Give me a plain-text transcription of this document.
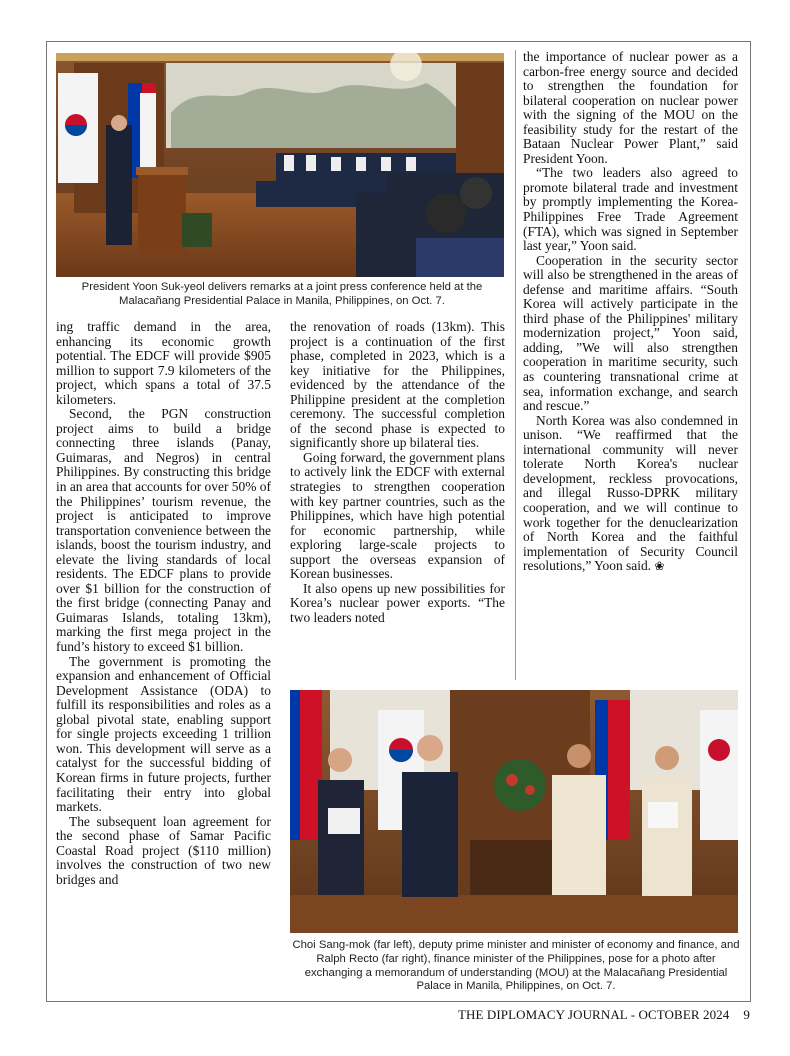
President Yoon Suk-yeol delivers remarks at a joint press conference held at the Malacañang Presidential Palace in Manila, Philippines, on Oct. 7.

ing traffic demand in the area, enhancing its economic growth potential. The EDCF will provide $905 million to support 7.9 kilometers of the project, which spans a total of 37.5 kilometers.

Second, the PGN construction project aims to build a bridge connecting three islands (Panay, Guimaras, and Negros) in central Philippines. By constructing this bridge in an area that accounts for over 50% of the Philippines’ tourism revenue, the project is anticipated to improve transportation convenience between the islands, boost the tourism industry, and elevate the living standards of local residents. The EDCF plans to provide over $1 billion for the construction of the first bridge (connecting Panay and Guimaras Islands, totaling 13km), marking the first mega project in the fund’s history to exceed $1 billion.

The government is promoting the expansion and enhancement of Official Development Assistance (ODA) to fulfill its responsibilities and roles as a global pivotal state, enabling support for single projects exceeding 1 trillion won. This development will serve as a catalyst for the successful bidding of Korean firms in future projects, further facilitating their entry into global markets.

The subsequent loan agreement for the second phase of Samar Pacific Coastal Road project ($110 million) involves the construction of two new bridges and

the renovation of roads (13km). This project is a continuation of the first phase, completed in 2023, which is a key initiative for the Philippines, evidenced by the attendance of the Philippine president at the completion ceremony. The successful completion of the second phase is expected to significantly shore up bilateral ties.

Going forward, the government plans to actively link the EDCF with external strategies to strengthen cooperation with key partner countries, such as the Philippines, which have high potential for economic partnership, while exploring large-scale projects to support the overseas expansion of Korean businesses.

It also opens up new possibilities for Korea’s nuclear power exports. “The two leaders noted

the importance of nuclear power as a carbon-free energy source and decided to strengthen the foundation for bilateral cooperation on nuclear power with the signing of the MOU on the feasibility study for the restart of the Bataan Nuclear Power Plant,” said President Yoon.

“The two leaders also agreed to promote bilateral trade and investment by promptly implementing the Korea-Philippines Free Trade Agreement (FTA), which was signed in September last year,” Yoon said.

Cooperation in the security sector will also be strengthened in the areas of defense and maritime affairs. “South Korea will actively participate in the third phase of the Philippines' military modernization project,” Yoon said, adding, ”We will also strengthen cooperation in maritime security, such as countering transnational crime at sea, information exchange, and search and rescue.”

North Korea was also condemned in unison. “We reaffirmed that the international community will never tolerate North Korea's nuclear development, reckless provocations, and illegal Russo-DPRK military cooperation, and we will continue to work together for the denuclearization of North Korea and the faithful implementation of Security Council resolutions,” Yoon said. ❀

Choi Sang-mok (far left), deputy prime minister and minister of economy and finance, and Ralph Recto (far right), finance minister of the Philippines, pose for a photo after exchanging a memorandum of understanding (MOU) at the Malacañang Presidential Palace in Manila, Philippines, on Oct. 7.
THE DIPLOMACY JOURNAL - OCTOBER 2024 9
